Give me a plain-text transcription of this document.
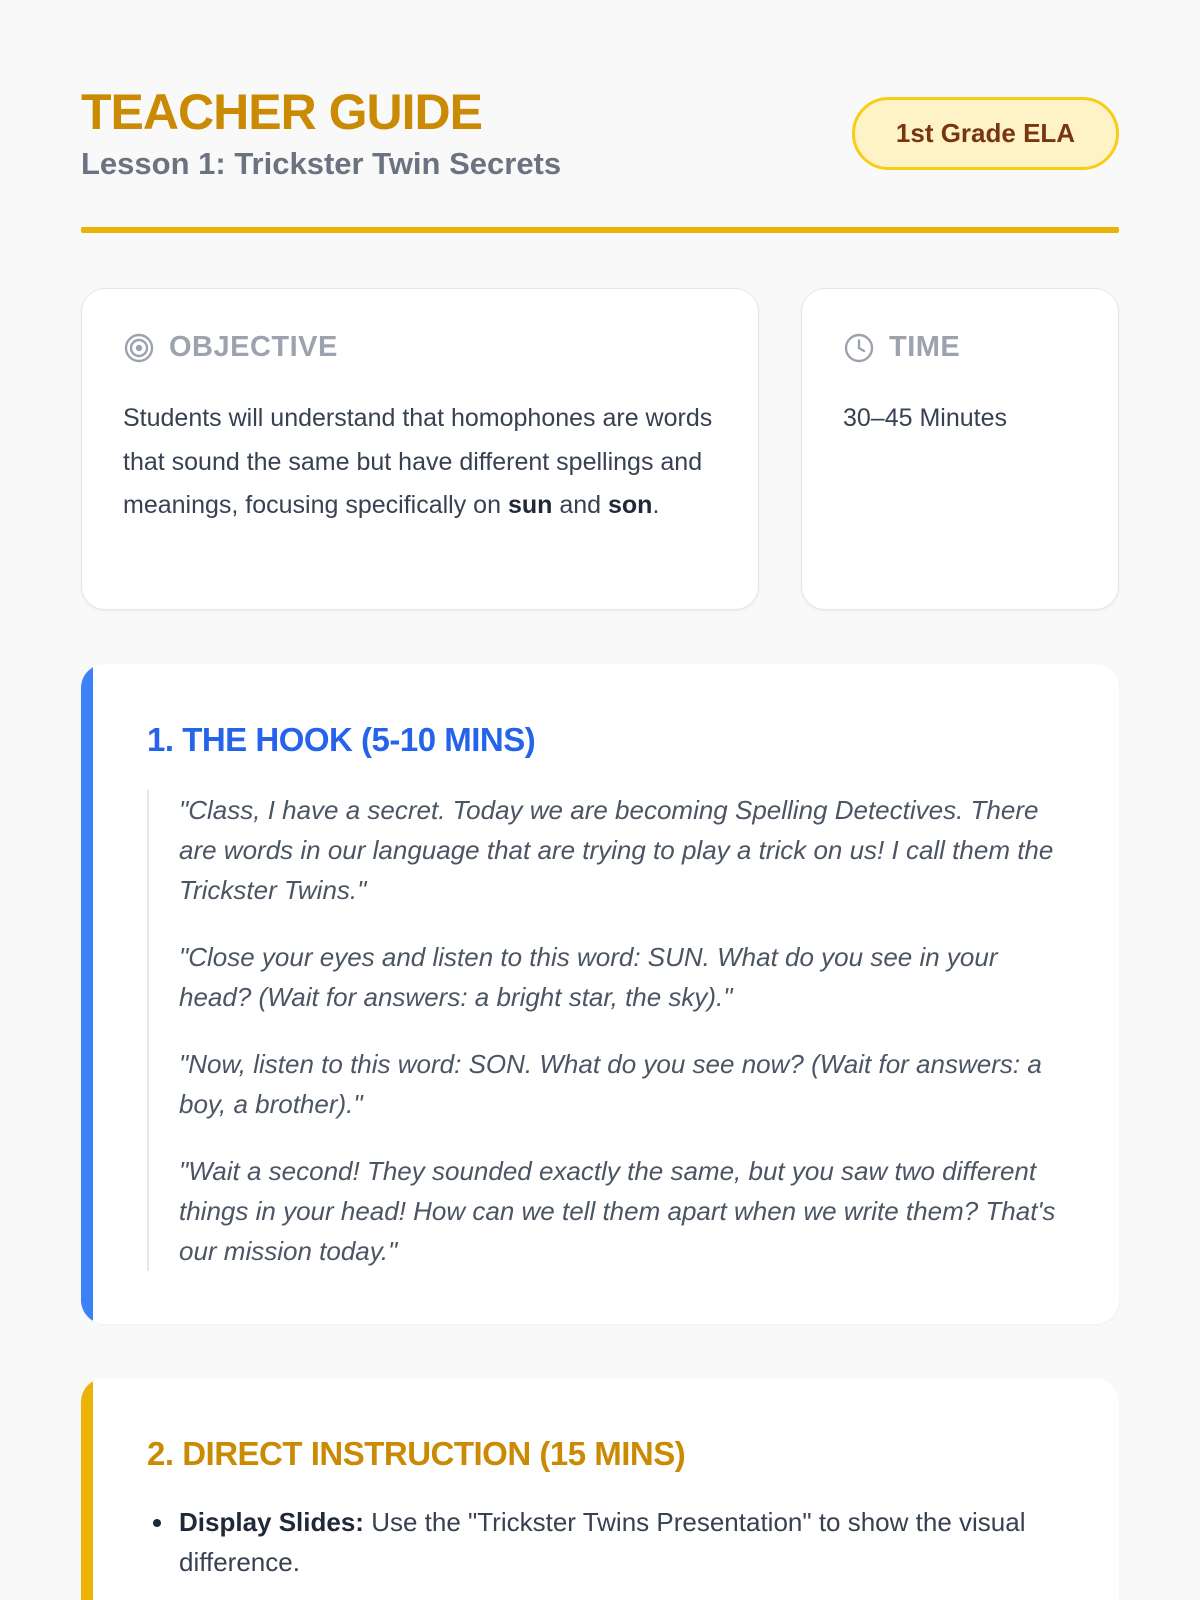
TEACHER GUIDE
Lesson 1: Trickster Twin Secrets
1st Grade ELA
OBJECTIVE

Students will understand that homophones are words that sound the same but have different spellings and meanings, focusing specifically on sun and son.

TIME

30–45 Minutes

1. THE HOOK (5-10 MINS)

"Class, I have a secret. Today we are becoming Spelling Detectives. There are words in our language that are trying to play a trick on us! I call them the Trickster Twins."

"Close your eyes and listen to this word: SUN. What do you see in your head? (Wait for answers: a bright star, the sky)."

"Now, listen to this word: SON. What do you see now? (Wait for answers: a boy, a brother)."

"Wait a second! They sounded exactly the same, but you saw two different things in your head! How can we tell them apart when we write them? That's our mission today."

2. DIRECT INSTRUCTION (15 MINS)
Display Slides: Use the "Trickster Twins Presentation" to show the visual difference.
